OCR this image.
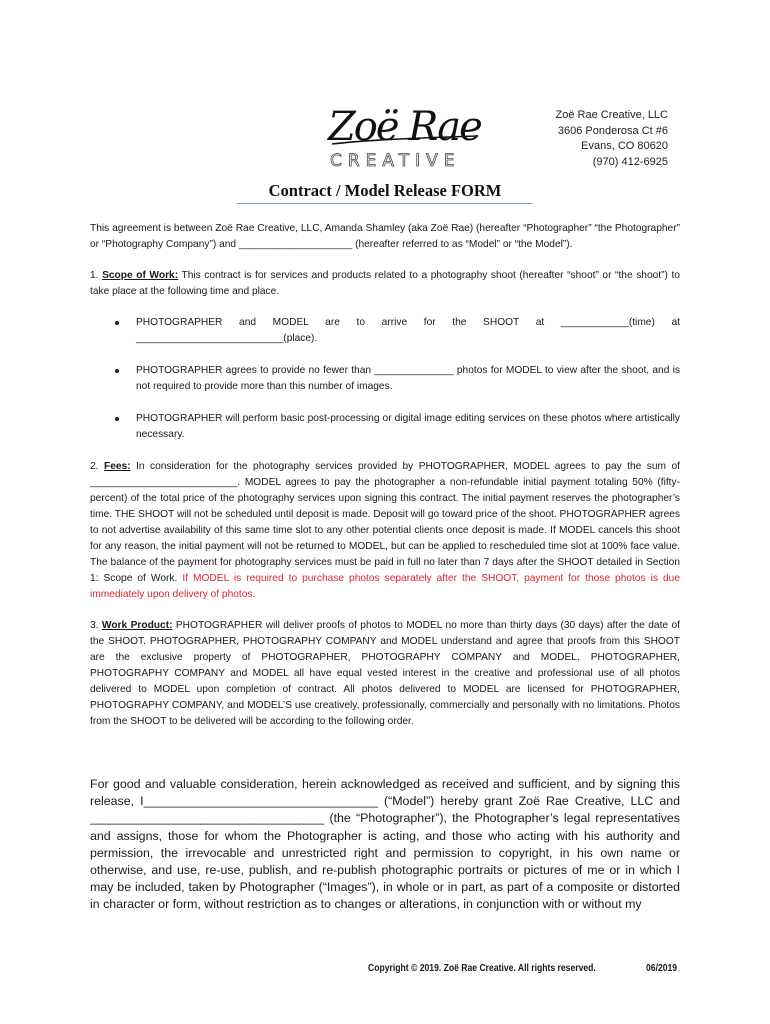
Zoë Rae
CREATIVE
Zoë Rae Creative, LLC
3606 Ponderosa Ct #6
Evans, CO 80620
(970) 412-6925
Contract / Model Release FORM

This agreement is between Zoë Rae Creative, LLC, Amanda Shamley (aka Zoë Rae) (hereafter “Photographer” “the Photographer” or “Photography Company”) and ____________________ (hereafter referred to as “Model” or “the Model”).

1. Scope of Work: This contract is for services and products related to a photography shoot (hereafter “shoot” or “the shoot”) to take place at the following time and place.

PHOTOGRAPHER and MODEL are to arrive for the SHOOT at ____________(time) at __________________________(place).
PHOTOGRAPHER agrees to provide no fewer than ______________ photos for MODEL to view after the shoot, and is not required to provide more than this number of images.
PHOTOGRAPHER will perform basic post-processing or digital image editing services on these photos where artistically necessary.

2. Fees: In consideration for the photography services provided by PHOTOGRAPHER, MODEL agrees to pay the sum of __________________________. MODEL agrees to pay the photographer a non-refundable initial payment totaling 50% (fifty-percent) of the total price of the photography services upon signing this contract. The initial payment reserves the photographer’s time. THE SHOOT will not be scheduled until deposit is made. Deposit will go toward price of the shoot. PHOTOGRAPHER agrees to not advertise availability of this same time slot to any other potential clients once deposit is made. If MODEL cancels this shoot for any reason, the initial payment will not be returned to MODEL, but can be applied to rescheduled time slot at 100% face value. The balance of the payment for photography services must be paid in full no later than 7 days after the SHOOT detailed in Section 1: Scope of Work. If MODEL is required to purchase photos separately after the SHOOT, payment for those photos is due immediately upon delivery of photos.

3. Work Product: PHOTOGRAPHER will deliver proofs of photos to MODEL no more than thirty days (30 days) after the date of the SHOOT. PHOTOGRAPHER, PHOTOGRAPHY COMPANY and MODEL understand and agree that proofs from this SHOOT are the exclusive property of PHOTOGRAPHER, PHOTOGRAPHY COMPANY and MODEL. PHOTOGRAPHER, PHOTOGRAPHY COMPANY and MODEL all have equal vested interest in the creative and professional use of all photos delivered to MODEL upon completion of contract. All photos delivered to MODEL are licensed for PHOTOGRAPHER, PHOTOGRAPHY COMPANY, and MODEL’S use creatively, professionally, commercially and personally with no limitations. Photos from the SHOOT to be delivered will be according to the following order.

For good and valuable consideration, herein acknowledged as received and sufficient, and by signing this release, I__________________________________ (“Model”) hereby grant Zoë Rae Creative, LLC and __________________________________ (the “Photographer”), the Photographer’s legal representatives and assigns, those for whom the Photographer is acting, and those who acting with his authority and permission, the irrevocable and unrestricted right and permission to copyright, in his own name or otherwise, and use, re-use, publish, and re-publish photographic portraits or pictures of me or in which I may be included, taken by Photographer (“Images”), in whole or in part, as part of a composite or distorted in character or form, without restriction as to changes or alterations, in conjunction with or without my

Copyright © 2019. Zoë Rae Creative. All rights reserved.	06/2019
